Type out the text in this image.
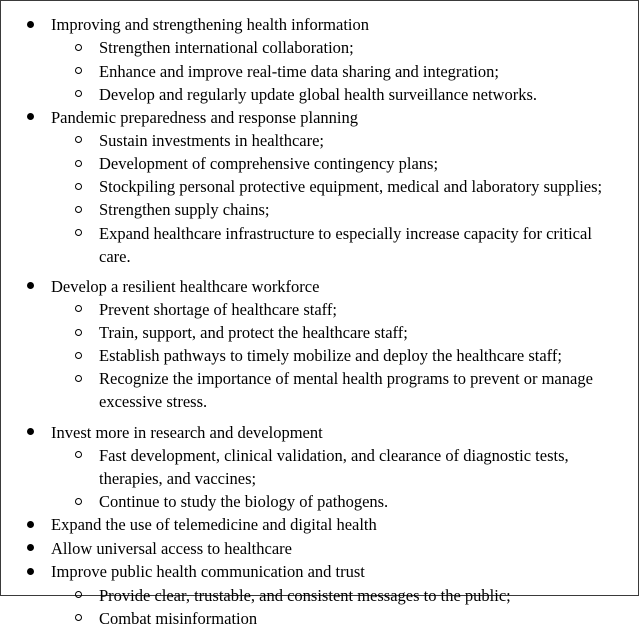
Improving and strengthening health information
Strengthen international collaboration;
Enhance and improve real-time data sharing and integration;
Develop and regularly update global health surveillance networks.
Pandemic preparedness and response planning
Sustain investments in healthcare;
Development of comprehensive contingency plans;
Stockpiling personal protective equipment, medical and laboratory supplies;
Strengthen supply chains;
Expand healthcare infrastructure to especially increase capacity for critical care.
Develop a resilient healthcare workforce
Prevent shortage of healthcare staff;
Train, support, and protect the healthcare staff;
Establish pathways to timely mobilize and deploy the healthcare staff;
Recognize the importance of mental health programs to prevent or manage excessive stress.
Invest more in research and development
Fast development, clinical validation, and clearance of diagnostic tests, therapies, and vaccines;
Continue to study the biology of pathogens.
Expand the use of telemedicine and digital health
Allow universal access to healthcare
Improve public health communication and trust
Provide clear, trustable, and consistent messages to the public;
Combat misinformation
